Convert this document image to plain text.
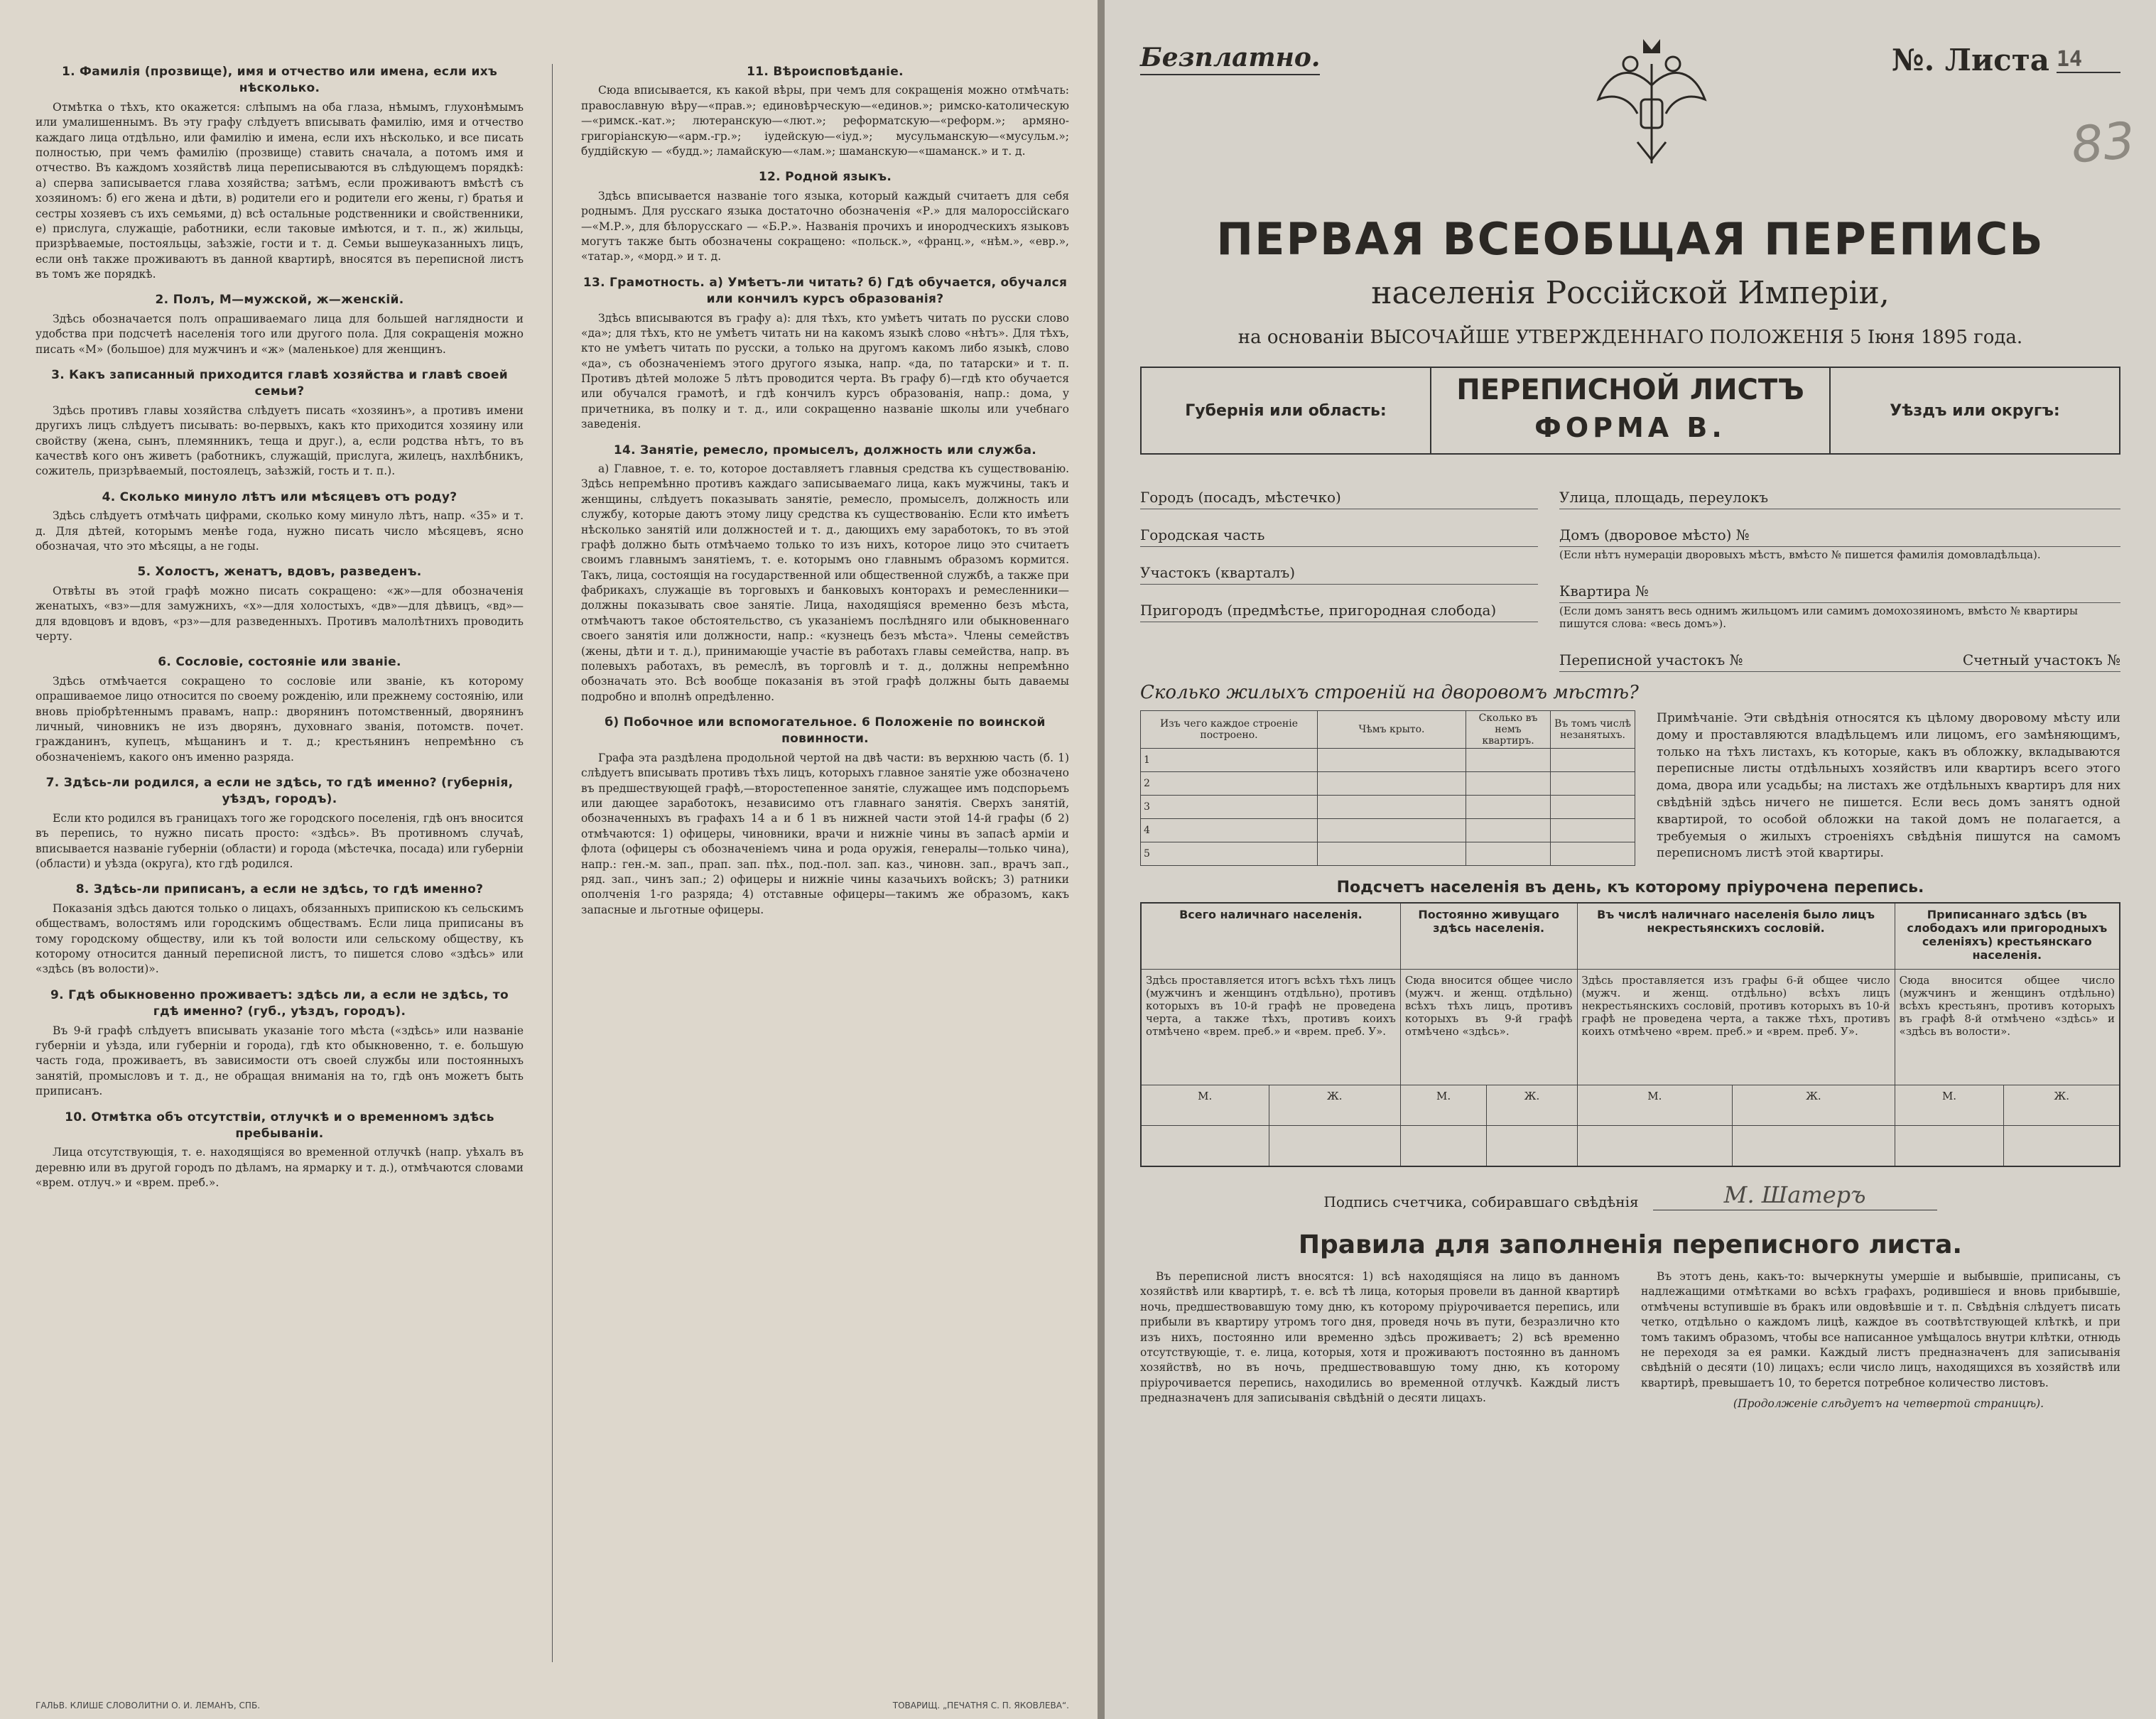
1. Фамилія (прозвище), имя и отчество или имена, если ихъ нѣсколько.

Отмѣтка о тѣхъ, кто окажется: слѣпымъ на оба глаза, нѣмымъ, глухонѣмымъ или умалишеннымъ. Въ эту графу слѣдуетъ вписывать фамилію, имя и отчество каждаго лица отдѣльно, или фамилію и имена, если ихъ нѣсколько, и все писать полностью, при чемъ фамилію (прозвище) ставить сначала, а потомъ имя и отчество. Въ каждомъ хозяйствѣ лица переписываются въ слѣдующемъ порядкѣ: а) сперва записывается глава хозяйства; затѣмъ, если проживаютъ вмѣстѣ съ хозяиномъ: б) его жена и дѣти, в) родители его и родители его жены, г) братья и сестры хозяевъ съ ихъ семьями, д) всѣ остальные родственники и свойственники, е) прислуга, служащіе, работники, если таковые имѣются, и т. п., ж) жильцы, призрѣваемые, постояльцы, заѣзжіе, гости и т. д. Семьи вышеуказанныхъ лицъ, если онѣ также проживаютъ въ данной квартирѣ, вносятся въ переписной листъ въ томъ же порядкѣ.

2. Полъ, М—мужской, ж—женскій.

Здѣсь обозначается полъ опрашиваемаго лица для большей наглядности и удобства при подсчетѣ населенія того или другого пола. Для сокращенія можно писать «М» (большое) для мужчинъ и «ж» (маленькое) для женщинъ.

3. Какъ записанный приходится главѣ хозяйства и главѣ своей семьи?

Здѣсь противъ главы хозяйства слѣдуетъ писать «хозяинъ», а противъ имени другихъ лицъ слѣдуетъ писывать: во-первыхъ, какъ кто приходится хозяину или свойству (жена, сынъ, племянникъ, теща и друг.), а, если родства нѣтъ, то въ качествѣ кого онъ живетъ (работникъ, служащій, прислуга, жилецъ, нахлѣбникъ, сожитель, призрѣваемый, постоялецъ, заѣзжій, гость и т. п.).

4. Сколько минуло лѣтъ или мѣсяцевъ отъ роду?

Здѣсь слѣдуетъ отмѣчать цифрами, сколько кому минуло лѣтъ, напр. «35» и т. д. Для дѣтей, которымъ менѣе года, нужно писать число мѣсяцевъ, ясно обозначая, что это мѣсяцы, а не годы.

5. Холостъ, женатъ, вдовъ, разведенъ.

Отвѣты въ этой графѣ можно писать сокращено: «ж»—для обозначенія женатыхъ, «вз»—для замужнихъ, «х»—для холостыхъ, «дв»—для дѣвицъ, «вд»—для вдовцовъ и вдовъ, «рз»—для разведенныхъ. Противъ малолѣтнихъ проводить черту.

6. Сословіе, состояніе или званіе.

Здѣсь отмѣчается сокращено то сословіе или званіе, къ которому опрашиваемое лицо относится по своему рожденію, или прежнему состоянію, или вновь пріобрѣтеннымъ правамъ, напр.: дворянинъ потомственный, дворянинъ личный, чиновникъ не изъ дворянъ, духовнаго званія, потомств. почет. гражданинъ, купецъ, мѣщанинъ и т. д.; крестьянинъ непремѣнно съ обозначеніемъ, какого онъ именно разряда.

7. Здѣсь-ли родился, а если не здѣсь, то гдѣ именно? (губернія, уѣздъ, городъ).

Если кто родился въ границахъ того же городского поселенія, гдѣ онъ вносится въ перепись, то нужно писать просто: «здѣсь». Въ противномъ случаѣ, вписывается названіе губерніи (области) и города (мѣстечка, посада) или губерніи (области) и уѣзда (округа), кто гдѣ родился.

8. Здѣсь-ли приписанъ, а если не здѣсь, то гдѣ именно?

Показанія здѣсь даются только о лицахъ, обязанныхъ припискою къ сельскимъ обществамъ, волостямъ или городскимъ обществамъ. Если лица приписаны въ тому городскому обществу, или къ той волости или сельскому обществу, къ которому относится данный переписной листъ, то пишется слово «здѣсь» или «здѣсь (въ волости)».

9. Гдѣ обыкновенно проживаетъ: здѣсь ли, а если не здѣсь, то гдѣ именно? (губ., уѣздъ, городъ).

Въ 9-й графѣ слѣдуетъ вписывать указаніе того мѣста («здѣсь» или названіе губерніи и уѣзда, или губерніи и города), гдѣ кто обыкновенно, т. е. большую часть года, проживаетъ, въ зависимости отъ своей службы или постоянныхъ занятій, промысловъ и т. д., не обращая вниманія на то, гдѣ онъ можетъ быть приписанъ.

10. Отмѣтка объ отсутствіи, отлучкѣ и о временномъ здѣсь пребываніи.

Лица отсутствующія, т. е. находящіяся во временной отлучкѣ (напр. уѣхалъ въ деревню или въ другой городъ по дѣламъ, на ярмарку и т. д.), отмѣчаются словами «врем. отлуч.» и «врем. преб.».

11. Вѣроисповѣданіе.

Сюда вписывается, къ какой вѣры, при чемъ для сокращенія можно отмѣчать: православную вѣру—«прав.»; единовѣрческую—«единов.»; римско-католическую—«римск.-кат.»; лютеранскую—«лют.»; реформатскую—«реформ.»; армяно-григоріанскую—«арм.-гр.»; іудейскую—«іуд.»; мусульманскую—«мусульм.»; буддійскую — «будд.»; ламайскую—«лам.»; шаманскую—«шаманск.» и т. д.

12. Родной языкъ.

Здѣсь вписывается названіе того языка, который каждый считаетъ для себя роднымъ. Для русскаго языка достаточно обозначенія «Р.» для малороссійскаго—«М.Р.», для бѣлорусскаго — «Б.Р.». Названія прочихъ и инородческихъ языковъ могутъ также быть обозначены сокращено: «польск.», «франц.», «нѣм.», «евр.», «татар.», «морд.» и т. д.

13. Грамотность. а) Умѣетъ-ли читать? б) Гдѣ обучается, обучался или кончилъ курсъ образованія?

Здѣсь вписываются въ графу а): для тѣхъ, кто умѣетъ читать по русски слово «да»; для тѣхъ, кто не умѣетъ читать ни на какомъ языкѣ слово «нѣтъ». Для тѣхъ, кто не умѣетъ читать по русски, а только на другомъ какомъ либо языкѣ, слово «да», съ обозначеніемъ этого другого языка, напр. «да, по татарски» и т. п. Противъ дѣтей моложе 5 лѣтъ проводится черта. Въ графу б)—гдѣ кто обучается или обучался грамотѣ, и гдѣ кончилъ курсъ образованія, напр.: дома, у причетника, въ полку и т. д., или сокращенно названіе школы или учебнаго заведенія.

14. Занятіе, ремесло, промыселъ, должность или служба.

а) Главное, т. е. то, которое доставляетъ главныя средства къ существованію. Здѣсь непремѣнно противъ каждаго записываемаго лица, какъ мужчины, такъ и женщины, слѣдуетъ показывать занятіе, ремесло, промыселъ, должность или службу, которые даютъ этому лицу средства къ существованію. Если кто имѣетъ нѣсколько занятій или должностей и т. д., дающихъ ему заработокъ, то въ этой графѣ должно быть отмѣчаемо только то изъ нихъ, которое лицо это считаетъ своимъ главнымъ занятіемъ, т. е. которымъ оно главнымъ образомъ кормится. Такъ, лица, состоящія на государственной или общественной службѣ, а также при фабрикахъ, служащіе въ торговыхъ и банковыхъ конторахъ и ремесленники—должны показывать свое занятіе. Лица, находящіяся временно безъ мѣста, отмѣчаютъ такое обстоятельство, съ указаніемъ послѣдняго или обыкновеннаго своего занятія или должности, напр.: «кузнецъ безъ мѣста». Члены семействъ (жены, дѣти и т. д.), принимающіе участіе въ работахъ главы семейства, напр. въ полевыхъ работахъ, въ ремеслѣ, въ торговлѣ и т. д., должны непремѣнно обозначать это. Всѣ вообще показанія въ этой графѣ должны быть даваемы подробно и вполнѣ опредѣленно.

б) Побочное или вспомогательное. 6 Положеніе по воинской повинности.

Графа эта раздѣлена продольной чертой на двѣ части: въ верхнюю часть (б. 1) слѣдуетъ вписывать противъ тѣхъ лицъ, которыхъ главное занятіе уже обозначено въ предшествующей графѣ,—второстепенное занятіе, служащее имъ подспорьемъ или дающее заработокъ, независимо отъ главнаго занятія. Сверхъ занятій, обозначенныхъ въ графахъ 14 а и б 1 въ нижней части этой 14-й графы (б 2) отмѣчаются: 1) офицеры, чиновники, врачи и нижніе чины въ запасѣ арміи и флота (офицеры съ обозначеніемъ чина и рода оружія, генералы—только чина), напр.: ген.-м. зап., прап. зап. пѣх., под.-пол. зап. каз., чиновн. зап., врачъ зап., ряд. зап., чинъ зап.; 2) офицеры и нижніе чины казачьихъ войскъ; 3) ратники ополченія 1-го разряда; 4) отставные офицеры—такимъ же образомъ, какъ запасные и льготные офицеры.

ГАЛЬВ. КЛИШЕ СЛОВОЛИТНИ О. И. ЛЕМАНЪ, СПБ.	ТОВАРИЩ. „ПЕЧАТНЯ С. П. ЯКОВЛЕВА“.
Безплатно.	№. Листа 14
83
ПЕРВАЯ ВСЕОБЩАЯ ПЕРЕПИСЬ
населенія Россійской Имперіи,
на основаніи ВЫСОЧАЙШЕ УТВЕРЖДЕННАГО ПОЛОЖЕНІЯ 5 Іюня 1895 года.
Губернія или область:
ПЕРЕПИСНОЙ ЛИСТЪ
ФОРМА В.
Уѣздъ или округъ:
Городъ (посадъ, мѣстечко)
Городская часть
Участокъ (кварталъ)
Пригородъ (предмѣстье, пригородная слобода)
Улица, площадь, переулокъ
Домъ (дворовое мѣсто) №
(Если нѣтъ нумераціи дворовыхъ мѣстъ, вмѣсто № пишется фамилія домовладѣльца).
Квартира №
(Если домъ занятъ весь однимъ жильцомъ или самимъ домохозяиномъ, вмѣсто № квартиры пишутся слова: «весь домъ»).
Переписной участокъ №	Счетный участокъ №
Сколько жилыхъ строеній на дворовомъ мѣстѣ?
Изъ чего каждое строеніе построено.	Чѣмъ крыто.	Сколько въ немъ квартиръ.	Въ томъ числѣ незанятыхъ.
1			
2			
3			
4			
5			
Примѣчаніе. Эти свѣдѣнія относятся къ цѣлому дворовому мѣсту или дому и проставляются владѣльцемъ или лицомъ, его замѣняющимъ, только на тѣхъ листахъ, къ которые, какъ въ обложку, вкладываются переписные листы отдѣльныхъ хозяйствъ или квартиръ всего этого дома, двора или усадьбы; на листахъ же отдѣльныхъ квартиръ для них свѣдѣній здѣсь ничего не пишется. Если весь домъ занятъ одной квартирой, то особой обложки на такой домъ не полагается, а требуемыя о жилыхъ строеніяхъ свѣдѣнія пишутся на самомъ переписномъ листѣ этой квартиры.
Подсчетъ населенія въ день, къ которому пріурочена перепись.
Всего наличнаго населенія.		Постоянно живущаго здѣсь населенія.		Въ числѣ наличнаго населенія было лицъ некрестьянскихъ сословій.		Приписаннаго здѣсь (въ слободахъ или пригородныхъ селеніяхъ) крестьянскаго населенія.	
Здѣсь проставляется итогъ всѣхъ тѣхъ лицъ (мужчинъ и женщинъ отдѣльно), противъ которыхъ въ 10-й графѣ не проведена черта, а также тѣхъ, противъ коихъ отмѣчено «врем. преб.» и «врем. преб. У».		Сюда вносится общее число (мужч. и женщ. отдѣльно) всѣхъ тѣхъ лицъ, противъ которыхъ въ 9-й графѣ отмѣчено «здѣсь».		Здѣсь проставляется изъ графы 6-й общее число (мужч. и женщ. отдѣльно) всѣхъ лицъ некрестьянскихъ сословій, противъ которыхъ въ 10-й графѣ не проведена черта, а также тѣхъ, противъ коихъ отмѣчено «врем. преб.» и «врем. преб. У».		Сюда вносится общее число (мужчинъ и женщинъ отдѣльно) всѣхъ крестьянъ, противъ которыхъ въ графѣ 8-й отмѣчено «здѣсь» и «здѣсь въ волости».	
М.	Ж.	М.	Ж.	М.	Ж.	М.	Ж.

Подпись счетчика, собиравшаго свѣдѣнія	М. Шатеръ
Правила для заполненія переписного листа.

Въ переписной листъ вносятся: 1) всѣ находящіяся на лицо въ данномъ хозяйствѣ или квартирѣ, т. е. всѣ тѣ лица, которыя провели въ данной квартирѣ ночь, предшествовавшую тому дню, къ которому пріурочивается перепись, или прибыли въ квартиру утромъ того дня, проведя ночь въ пути, безразлично кто изъ нихъ, постоянно или временно здѣсь проживаетъ; 2) всѣ временно отсутствующіе, т. е. лица, которыя, хотя и проживаютъ постоянно въ данномъ хозяйствѣ, но въ ночь, предшествовавшую тому дню, къ которому пріурочивается перепись, находились во временной отлучкѣ. Каждый листъ предназначенъ для записыванія свѣдѣній о десяти лицахъ.

Въ этотъ день, какъ-то: вычеркнуты умершіе и выбывшіе, приписаны, съ надлежащими отмѣтками во всѣхъ графахъ, родившіеся и вновь прибывшіе, отмѣчены вступившіе въ бракъ или овдовѣвшіе и т. п. Свѣдѣнія слѣдуетъ писать четко, отдѣльно о каждомъ лицѣ, каждое въ соотвѣтствующей клѣткѣ, и при томъ такимъ образомъ, чтобы все написанное умѣщалось внутри клѣтки, отнюдь не переходя за ея рамки. Каждый листъ предназначенъ для записыванія свѣдѣній о десяти (10) лицахъ; если число лицъ, находящихся въ хозяйствѣ или квартирѣ, превышаетъ 10, то берется потребное количество листовъ.

(Продолженіе слѣдуетъ на четвертой страницѣ).
